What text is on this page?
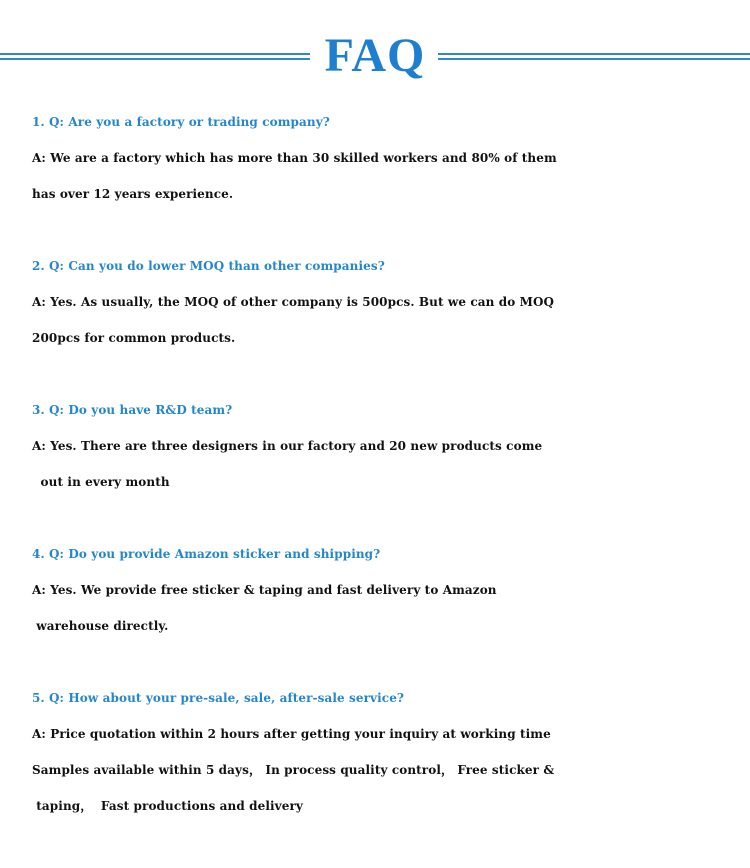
FAQ
1. Q: Are you a factory or trading company?
A: We are a factory which has more than 30 skilled workers and 80% of them
has over 12 years experience.
2. Q: Can you do lower MOQ than other companies?
A: Yes. As usually, the MOQ of other company is 500pcs. But we can do MOQ
200pcs for common products.
3. Q: Do you have R&D team?
A: Yes. There are three designers in our factory and 20 new products come
out in every month
4. Q: Do you provide Amazon sticker and shipping?
A: Yes. We provide free sticker & taping and fast delivery to Amazon
warehouse directly.
5. Q: How about your pre-sale, sale, after-sale service?
A: Price quotation within 2 hours after getting your inquiry at working time
Samples available within 5 days， In process quality control， Free sticker &
taping，  Fast productions and delivery
